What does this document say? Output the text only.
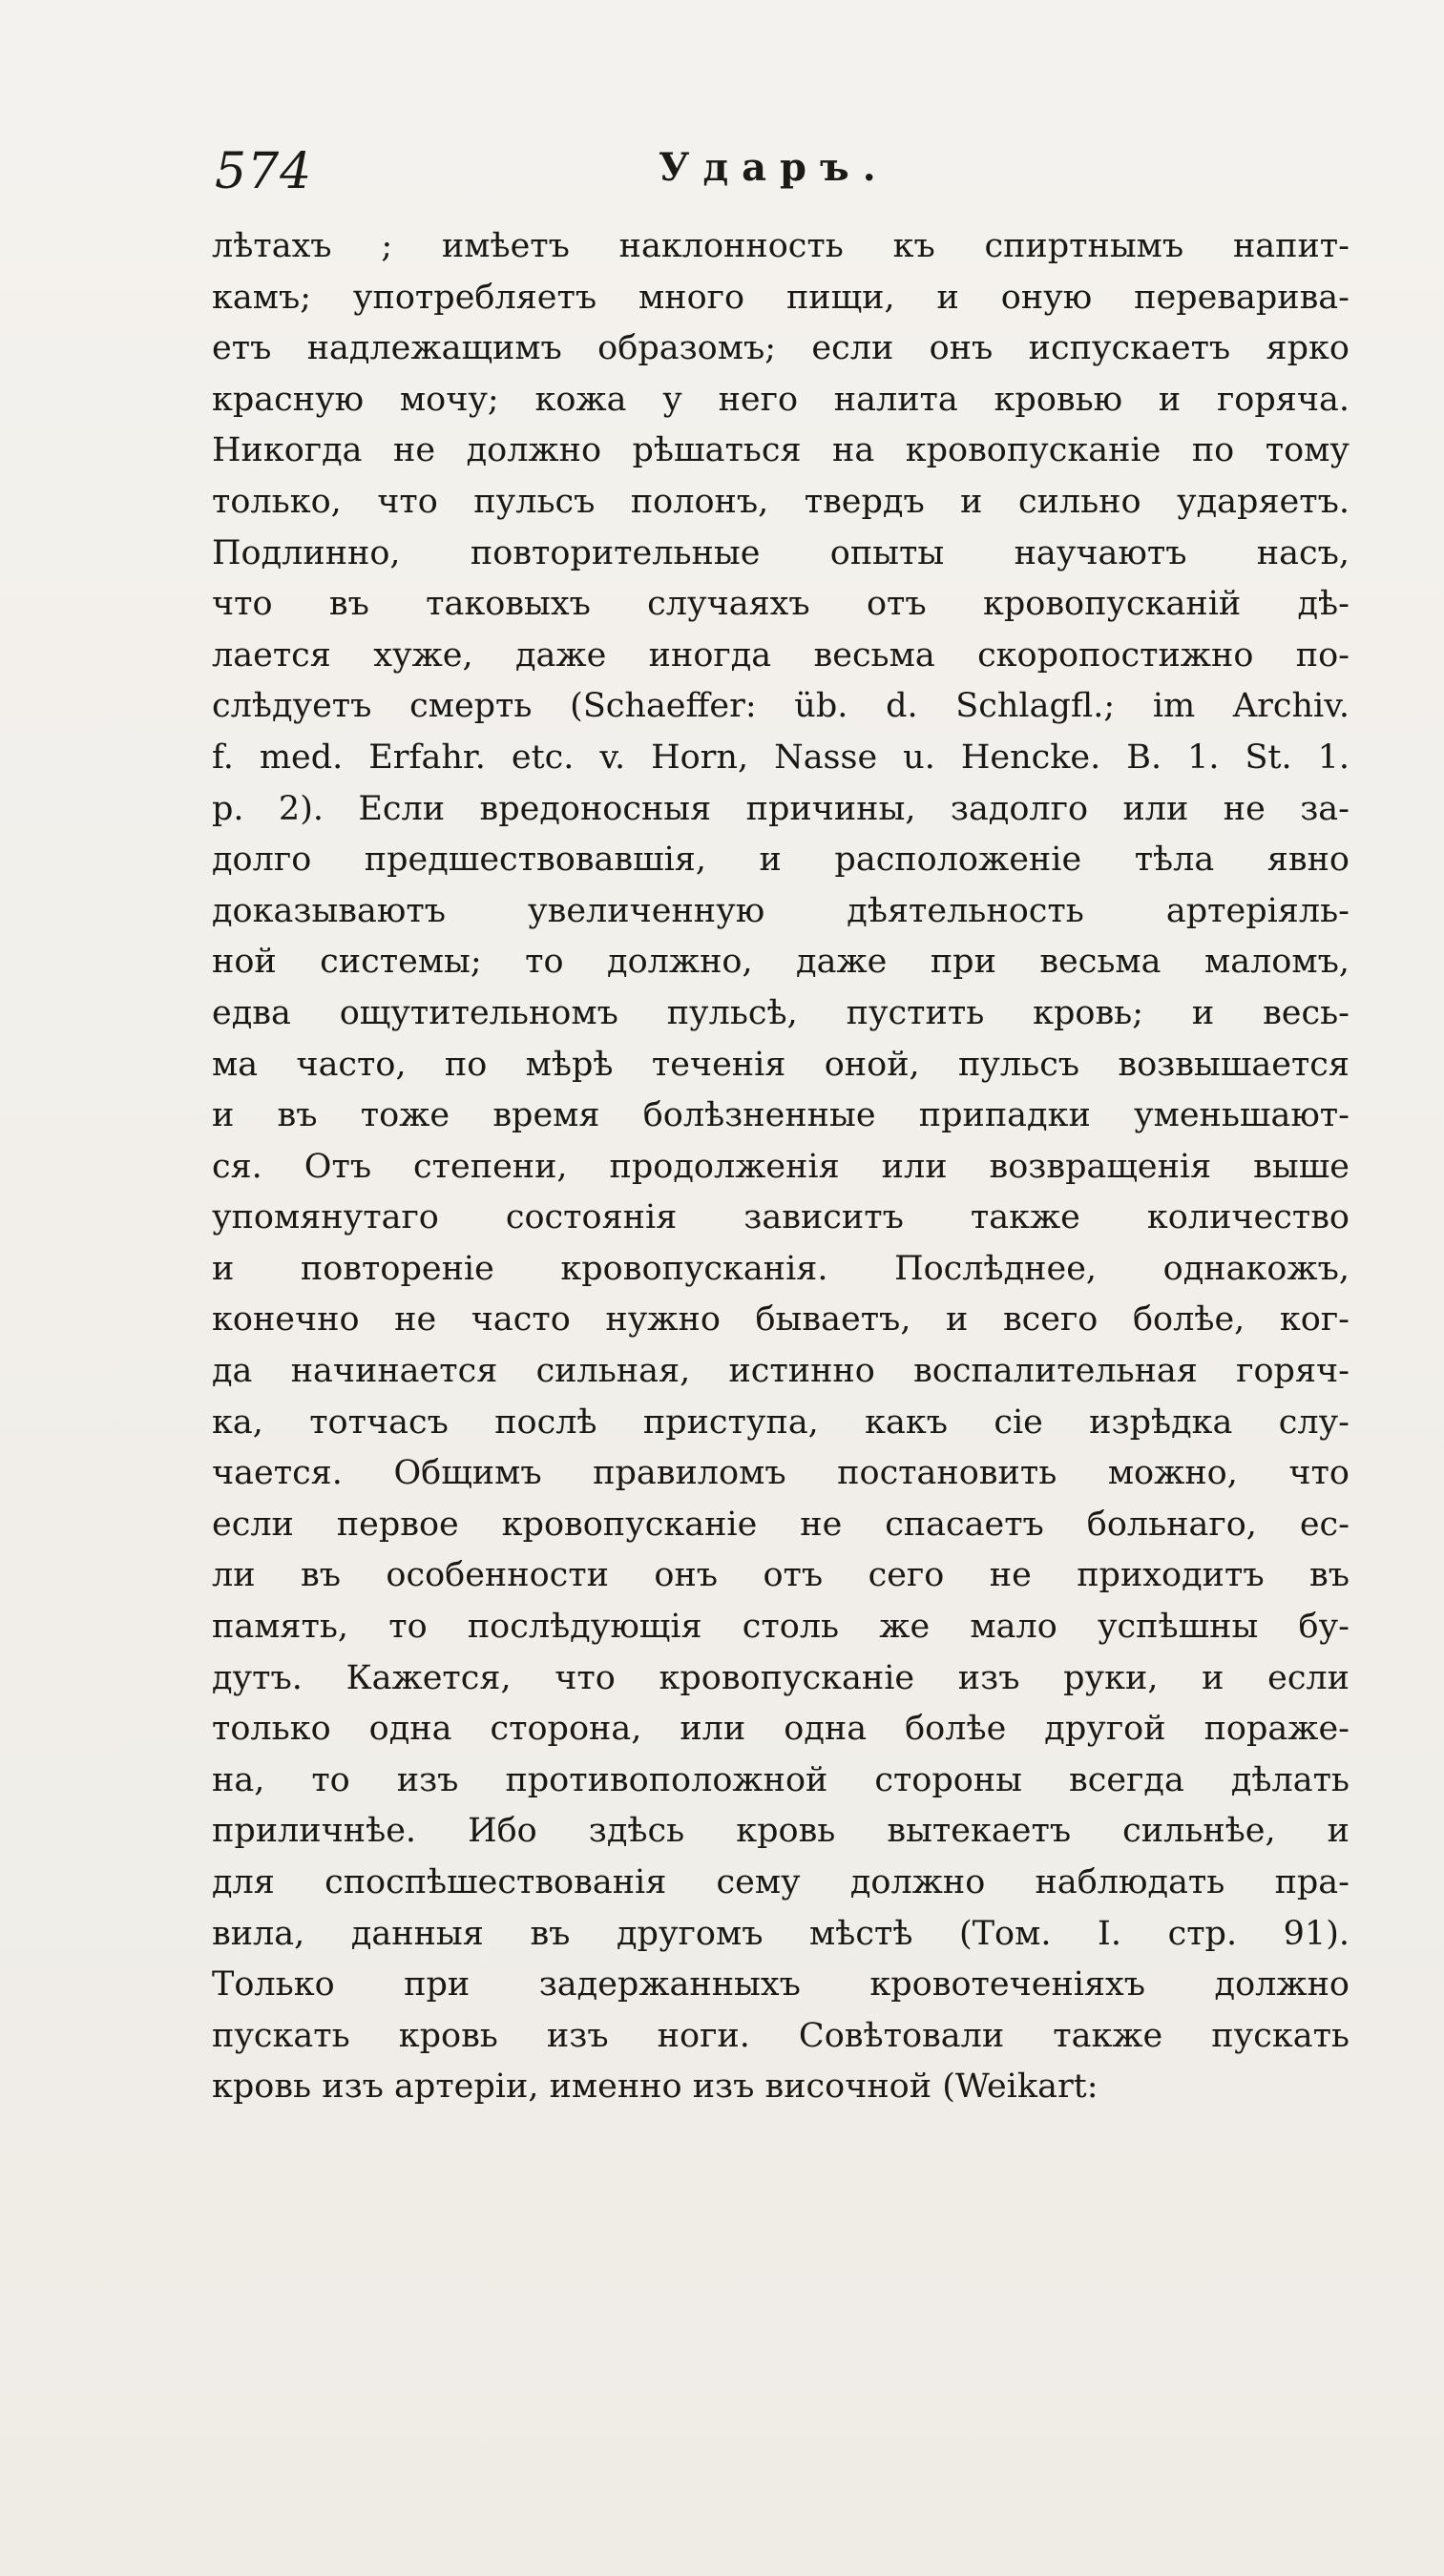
574	Ударъ.
лѣтахъ ; имѣетъ наклонность къ спиртнымъ напит-
камъ; употребляетъ много пищи, и оную переварива-
етъ надлежащимъ образомъ; если онъ испускаетъ ярко
красную мочу; кожа у него налита кровью и горяча.
Никогда не должно рѣшаться на кровопусканіе по тому
только, что пульсъ полонъ, твердъ и сильно ударяетъ.
Подлинно, повторительные опыты научаютъ насъ,
что въ таковыхъ случаяхъ отъ кровопусканій дѣ-
лается хуже, даже иногда весьма скоропостижно по-
слѣдуетъ смерть (Schaeffer: üb. d. Schlagfl.; im Archiv.
f. med. Erfahr. etc. v. Horn, Nasse u. Hencke. B. 1. St. 1.
p. 2). Если вредоносныя причины, задолго или не за-
долго предшествовавшія, и расположеніе тѣла явно
доказываютъ увеличенную дѣятельность артеріяль-
ной системы; то должно, даже при весьма маломъ,
едва ощутительномъ пульсѣ, пустить кровь; и весь-
ма часто, по мѣрѣ теченія оной, пульсъ возвышается
и въ тоже время болѣзненные припадки уменьшают-
ся. Отъ степени, продолженія или возвращенія выше
упомянутаго состоянія зависитъ также количество
и повтореніе кровопусканія. Послѣднее, однакожъ,
конечно не часто нужно бываетъ, и всего болѣе, ког-
да начинается сильная, истинно воспалительная горяч-
ка, тотчасъ послѣ приступа, какъ сіе изрѣдка слу-
чается. Общимъ правиломъ постановить можно, что
если первое кровопусканіе не спасаетъ больнаго, ес-
ли въ особенности онъ отъ сего не приходитъ въ
память, то послѣдующія столь же мало успѣшны бу-
дутъ. Кажется, что кровопусканіе изъ руки, и если
только одна сторона, или одна болѣе другой пораже-
на, то изъ противоположной стороны всегда дѣлать
приличнѣе. Ибо здѣсь кровь вытекаетъ сильнѣе, и
для споспѣшествованія сему должно наблюдать пра-
вила, данныя въ другомъ мѣстѣ (Том. I. стр. 91).
Только при задержанныхъ кровотеченіяхъ должно
пускать кровь изъ ноги. Совѣтовали также пускать
кровь изъ артеріи, именно изъ височной (Weikart:
